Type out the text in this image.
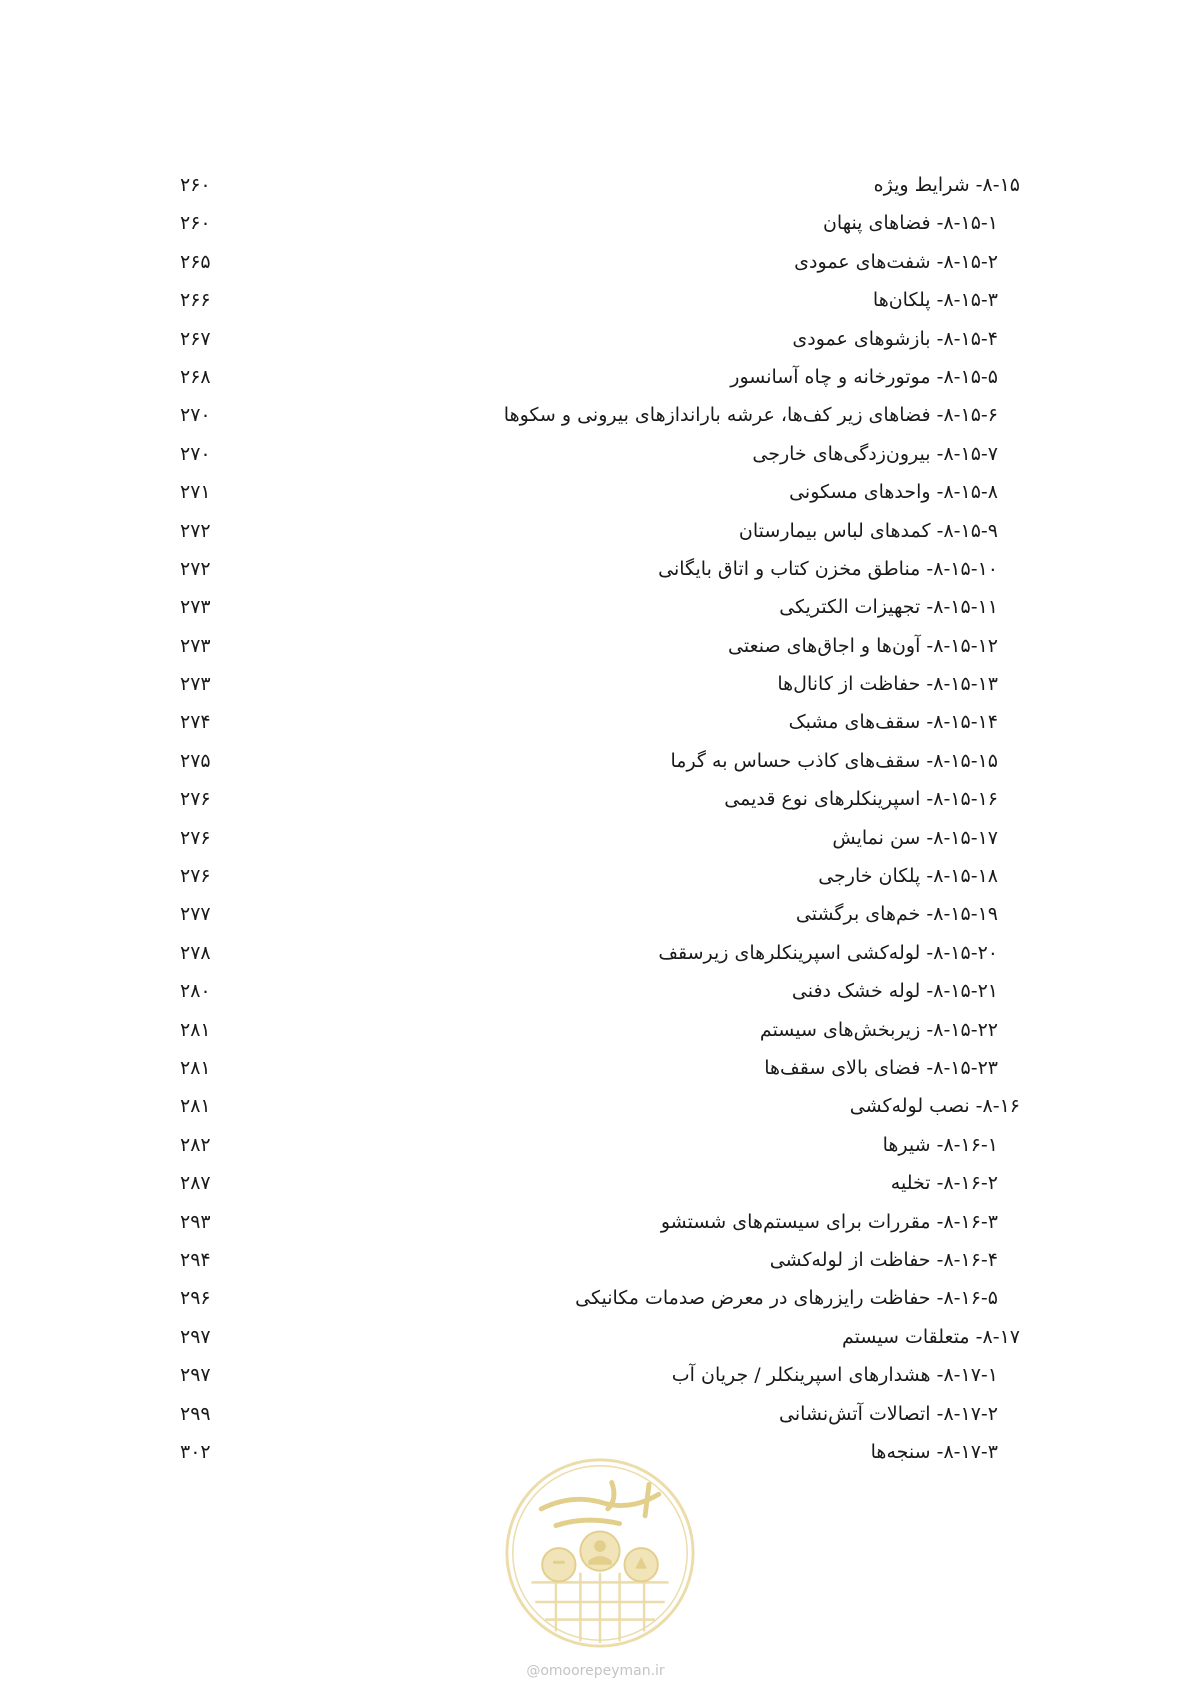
۸-۱۵- شرایط ویژه
۲۶۰
۸-۱۵-۱- فضاهای پنهان
۲۶۰
۸-۱۵-۲- شفت‌های عمودی
۲۶۵
۸-۱۵-۳- پلکان‌ها
۲۶۶
۸-۱۵-۴- بازشوهای عمودی
۲۶۷
۸-۱۵-۵- موتورخانه و چاه آسانسور
۲۶۸
۸-۱۵-۶- فضاهای زیر کف‌ها، عرشه باراندازهای بیرونی و سکوها
۲۷۰
۸-۱۵-۷- بیرون‌زدگی‌های خارجی
۲۷۰
۸-۱۵-۸- واحدهای مسکونی
۲۷۱
۸-۱۵-۹- کمدهای لباس بیمارستان
۲۷۲
۸-۱۵-۱۰- مناطق مخزن کتاب و اتاق بایگانی
۲۷۲
۸-۱۵-۱۱- تجهیزات الکتریکی
۲۷۳
۸-۱۵-۱۲- آون‌ها و اجاق‌های صنعتی
۲۷۳
۸-۱۵-۱۳- حفاظت از کانال‌ها
۲۷۳
۸-۱۵-۱۴- سقف‌های مشبک
۲۷۴
۸-۱۵-۱۵- سقف‌های کاذب حساس به گرما
۲۷۵
۸-۱۵-۱۶- اسپرینکلرهای نوع قدیمی
۲۷۶
۸-۱۵-۱۷- سن نمایش
۲۷۶
۸-۱۵-۱۸- پلکان خارجی
۲۷۶
۸-۱۵-۱۹- خم‌های برگشتی
۲۷۷
۸-۱۵-۲۰- لوله‌کشی اسپرینکلرهای زیرسقف
۲۷۸
۸-۱۵-۲۱- لوله خشک دفنی
۲۸۰
۸-۱۵-۲۲- زیربخش‌های سیستم
۲۸۱
۸-۱۵-۲۳- فضای بالای سقف‌ها
۲۸۱
۸-۱۶- نصب لوله‌کشی
۲۸۱
۸-۱۶-۱- شیرها
۲۸۲
۸-۱۶-۲- تخلیه
۲۸۷
۸-۱۶-۳- مقررات برای سیستم‌های شستشو
۲۹۳
۸-۱۶-۴- حفاظت از لوله‌کشی
۲۹۴
۸-۱۶-۵- حفاظت رایزرهای در معرض صدمات مکانیکی
۲۹۶
۸-۱۷- متعلقات سیستم
۲۹۷
۸-۱۷-۱- هشدارهای اسپرینکلر / جریان آب
۲۹۷
۸-۱۷-۲- اتصالات آتش‌نشانی
۲۹۹
۸-۱۷-۳- سنجه‌ها
۳۰۲
@omoorepeyman.ir
